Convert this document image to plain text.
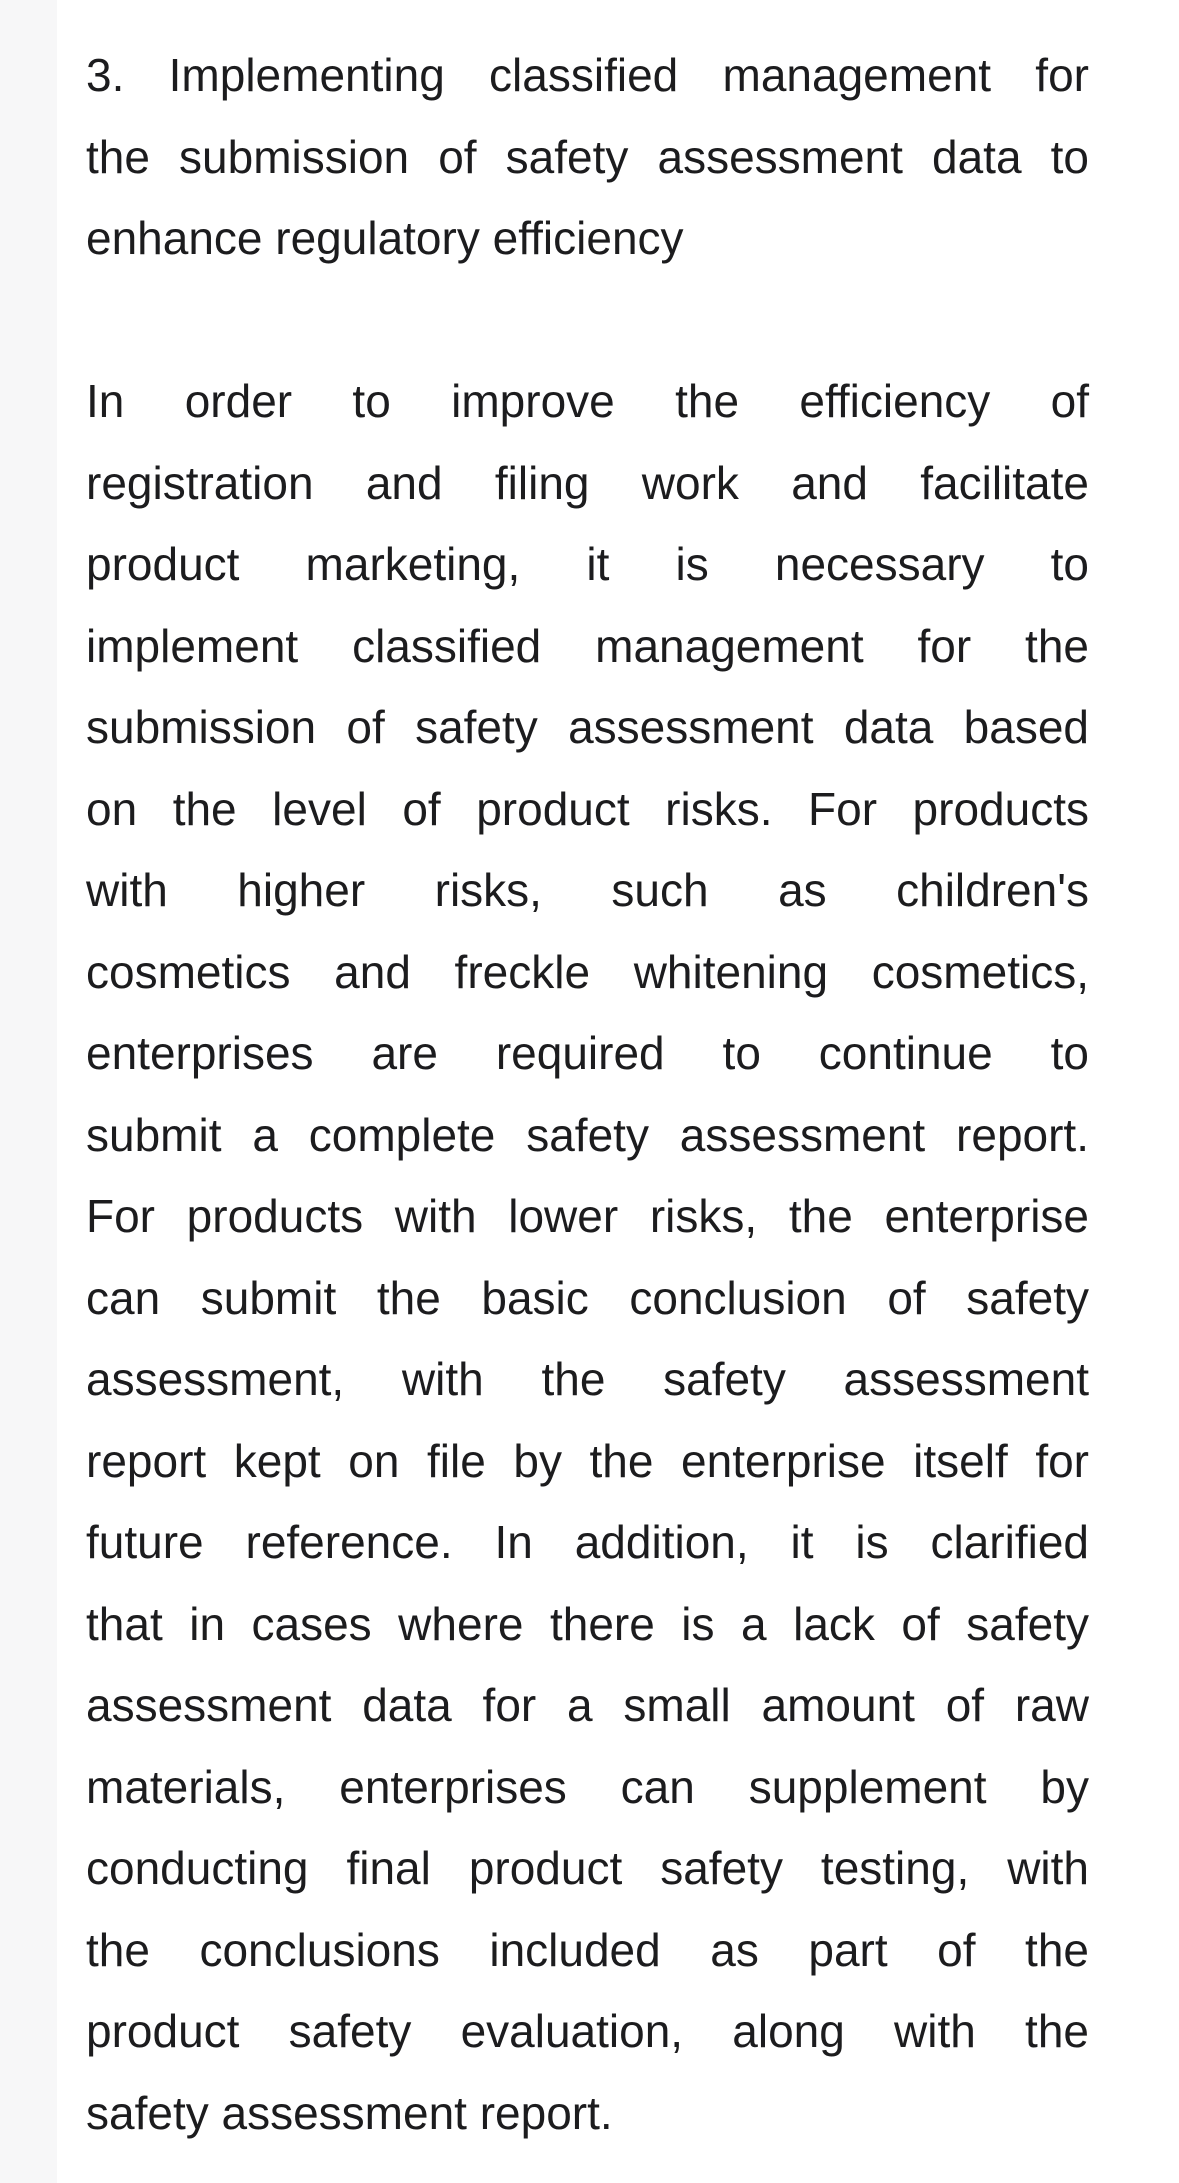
3. Implementing classified management for
the submission of safety assessment data to
enhance regulatory efficiency
In order to improve the efficiency of
registration and filing work and facilitate
product marketing, it is necessary to
implement classified management for the
submission of safety assessment data based
on the level of product risks. For products
with higher risks, such as children's
cosmetics and freckle whitening cosmetics,
enterprises are required to continue to
submit a complete safety assessment report.
For products with lower risks, the enterprise
can submit the basic conclusion of safety
assessment, with the safety assessment
report kept on file by the enterprise itself for
future reference. In addition, it is clarified
that in cases where there is a lack of safety
assessment data for a small amount of raw
materials, enterprises can supplement by
conducting final product safety testing, with
the conclusions included as part of the
product safety evaluation, along with the
safety assessment report.
